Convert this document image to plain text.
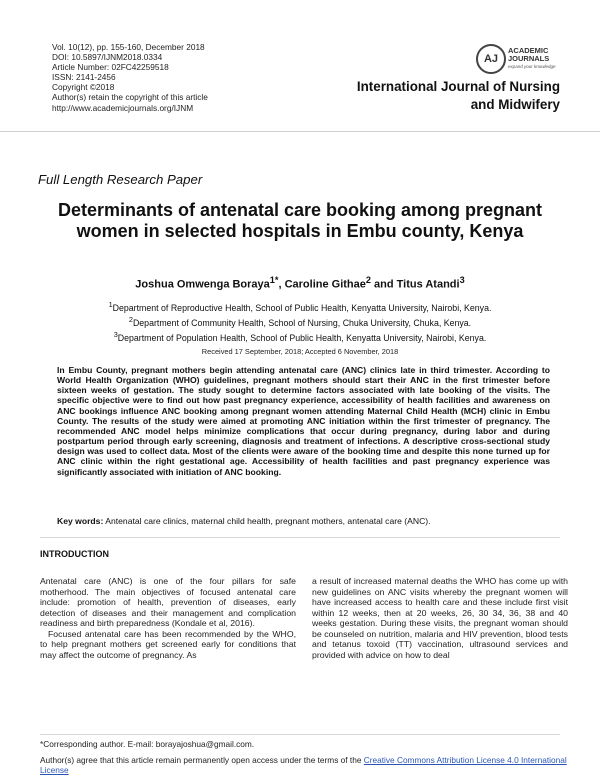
Vol. 10(12), pp. 155-160, December 2018
DOI: 10.5897/IJNM2018.0334
Article Number: 02FC42259518
ISSN: 2141-2456
Copyright ©2018
Author(s) retain the copyright of this article
http://www.academicjournals.org/IJNM
AJ
ACADEMIC
JOURNALS
expand your knowledge
International Journal of Nursing and Midwifery
Full Length Research Paper
Determinants of antenatal care booking among pregnant women in selected hospitals in Embu county, Kenya
Joshua Omwenga Boraya$^{1*}$, Caroline Githae$^2$ and Titus Atandi$^3$
$^1$Department of Reproductive Health, School of Public Health, Kenyatta University, Nairobi, Kenya.
$^2$Department of Community Health, School of Nursing, Chuka University, Chuka, Kenya.
$^3$Department of Population Health, School of Public Health, Kenyatta University, Nairobi, Kenya.
Received 17 September, 2018; Accepted 6 November, 2018
In Embu County, pregnant mothers begin attending antenatal care (ANC) clinics late in third trimester. According to World Health Organization (WHO) guidelines, pregnant mothers should start their ANC in the first trimester before sixteen weeks of gestation. The study sought to determine factors associated with late booking of the visits. The specific objective were to find out how past pregnancy experience, accessibility of health facilities and awareness on ANC bookings influence ANC booking among pregnant women attending Maternal Child Health (MCH) clinic in Embu County. The results of the study were aimed at promoting ANC initiation within the first trimester of pregnancy. The recommended ANC model helps minimize complications that occur during pregnancy, during labor and during postpartum period through early screening, diagnosis and treatment of infections. A descriptive cross-sectional study design was used to collect data. Most of the clients were aware of the booking time and despite this none turned up for ANC clinic within the right gestational age. Accessibility of health facilities and past pregnancy experience was significantly associated with initiation of ANC booking.
Key words: Antenatal care clinics, maternal child health, pregnant mothers, antenatal care (ANC).
INTRODUCTION

Antenatal care (ANC) is one of the four pillars for safe motherhood. The main objectives of focused antenatal care include: promotion of health, prevention of diseases, early detection of diseases and their management and complication readiness and birth preparedness (Kondale et al, 2016).

Focused antenatal care has been recommended by the WHO, to help pregnant mothers get screened early for conditions that may affect the outcome of pregnancy. As

a result of increased maternal deaths the WHO has come up with new guidelines on ANC visits whereby the pregnant women will have increased access to health care and these include first visit within 12 weeks, then at 20 weeks, 26, 30 34, 36, 38 and 40 weeks gestation. During these visits, the pregnant woman should be counseled on nutrition, malaria and HIV prevention, blood tests and tetanus toxoid (TT) vaccination, ultrasound services and provided with advice on how to deal

*Corresponding author. E-mail: borayajoshua@gmail.com.
Author(s) agree that this article remain permanently open access under the terms of the Creative Commons Attribution License 4.0 International License
